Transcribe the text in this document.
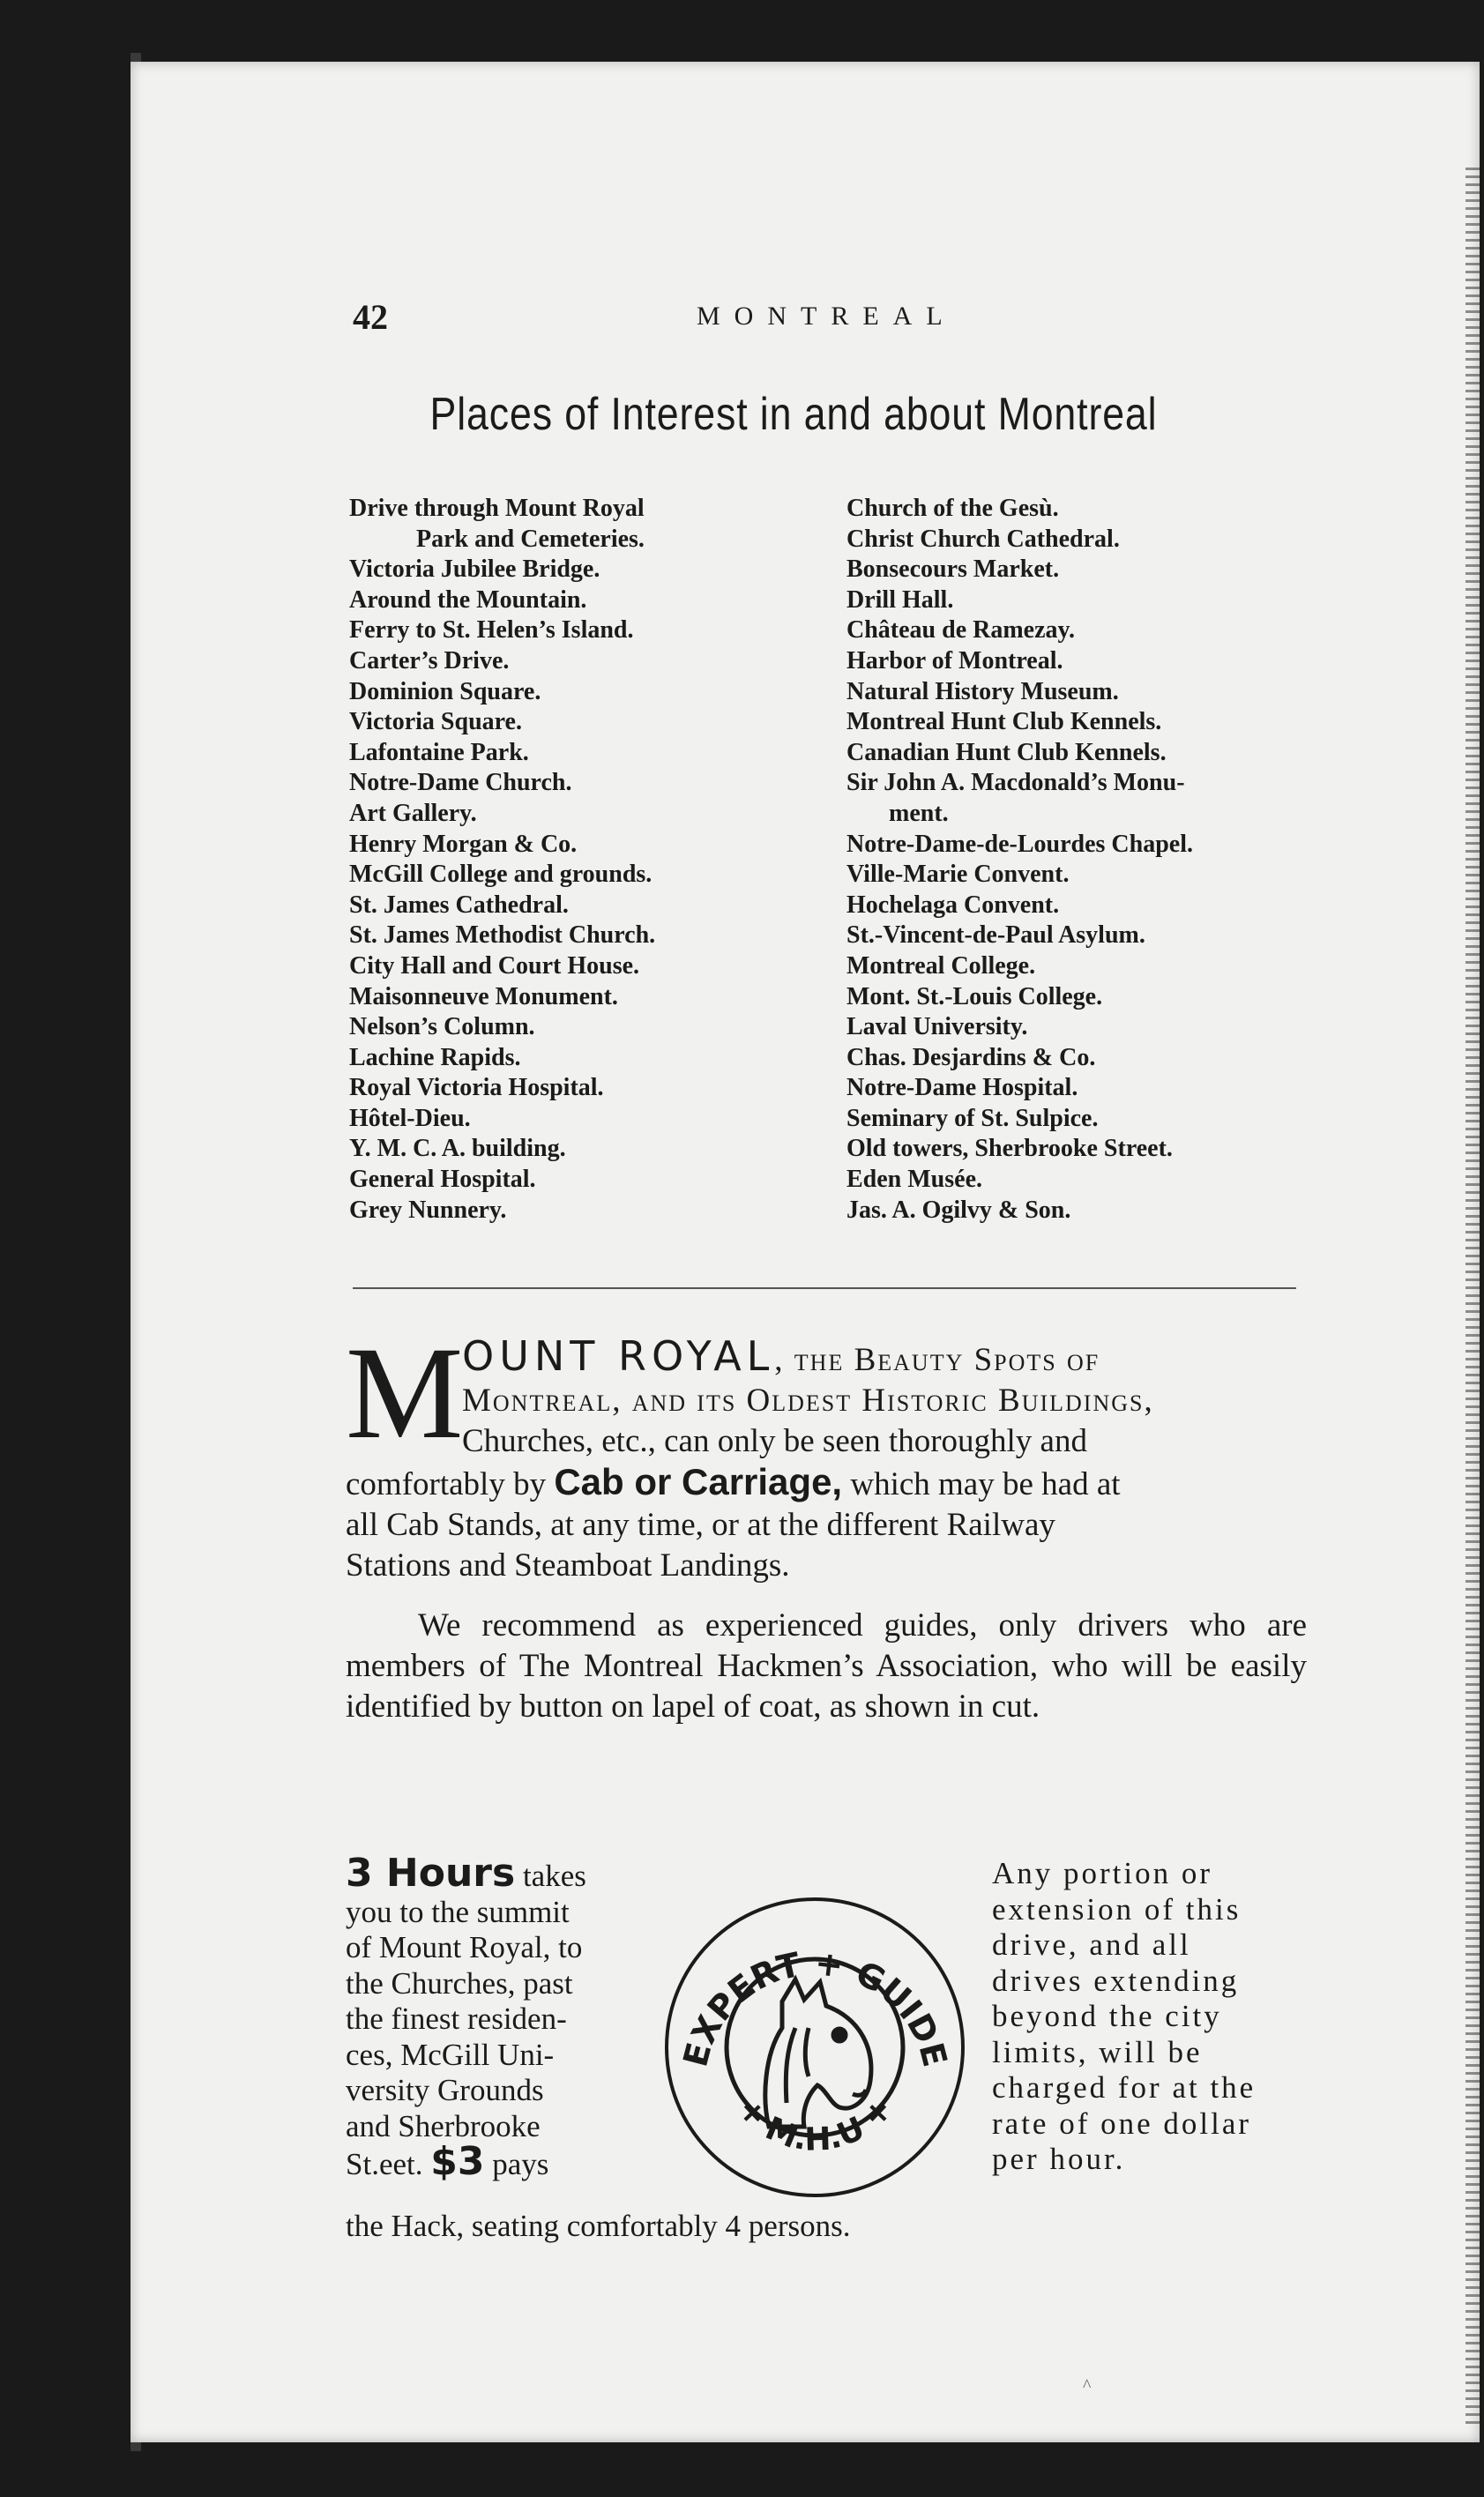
42	MONTREAL
Places of Interest in and about Montreal
Drive through Mount Royal
Park and Cemeteries.
Victoria Jubilee Bridge.
Around the Mountain.
Ferry to St. Helen’s Island.
Carter’s Drive.
Dominion Square.
Victoria Square.
Lafontaine Park.
Notre-Dame Church.
Art Gallery.
Henry Morgan & Co.
McGill College and grounds.
St. James Cathedral.
St. James Methodist Church.
City Hall and Court House.
Maisonneuve Monument.
Nelson’s Column.
Lachine Rapids.
Royal Victoria Hospital.
Hôtel-Dieu.
Y. M. C. A. building.
General Hospital.
Grey Nunnery.
Church of the Gesù.
Christ Church Cathedral.
Bonsecours Market.
Drill Hall.
Château de Ramezay.
Harbor of Montreal.
Natural History Museum.
Montreal Hunt Club Kennels.
Canadian Hunt Club Kennels.
Sir John A. Macdonald’s Monu-
ment.
Notre-Dame-de-Lourdes Chapel.
Ville-Marie Convent.
Hochelaga Convent.
St.-Vincent-de-Paul Asylum.
Montreal College.
Mont. St.-Louis College.
Laval University.
Chas. Desjardins & Co.
Notre-Dame Hospital.
Seminary of St. Sulpice.
Old towers, Sherbrooke Street.
Eden Musée.
Jas. A. Ogilvy & Son.
M
OUNT ROYAL, the Beauty Spots of
Montreal, and its Oldest Historic Buildings,
Churches, etc., can only be seen thoroughly and
comfortably by Cab or Carriage, which may be had at
all Cab Stands, at any time, or at the different Railway
Stations and Steamboat Landings.
We recommend as experienced guides, only drivers who are members of The Montreal Hackmen’s Association, who will be easily identified by button on lapel of coat, as shown in cut.
3 Hours takes
you to the summit
of Mount Royal, to
the Churches, past
the finest residen-
ces, McGill Uni-
versity Grounds
and Sherbrooke
St.eet. $3 pays
Any portion or
extension of this
drive, and all
drives extending
beyond the city
limits, will be
charged for at the
rate of one dollar
per hour.
the Hack, seating comfortably 4 persons.
EXPERT + GUIDE
+ M.H.U +
^
